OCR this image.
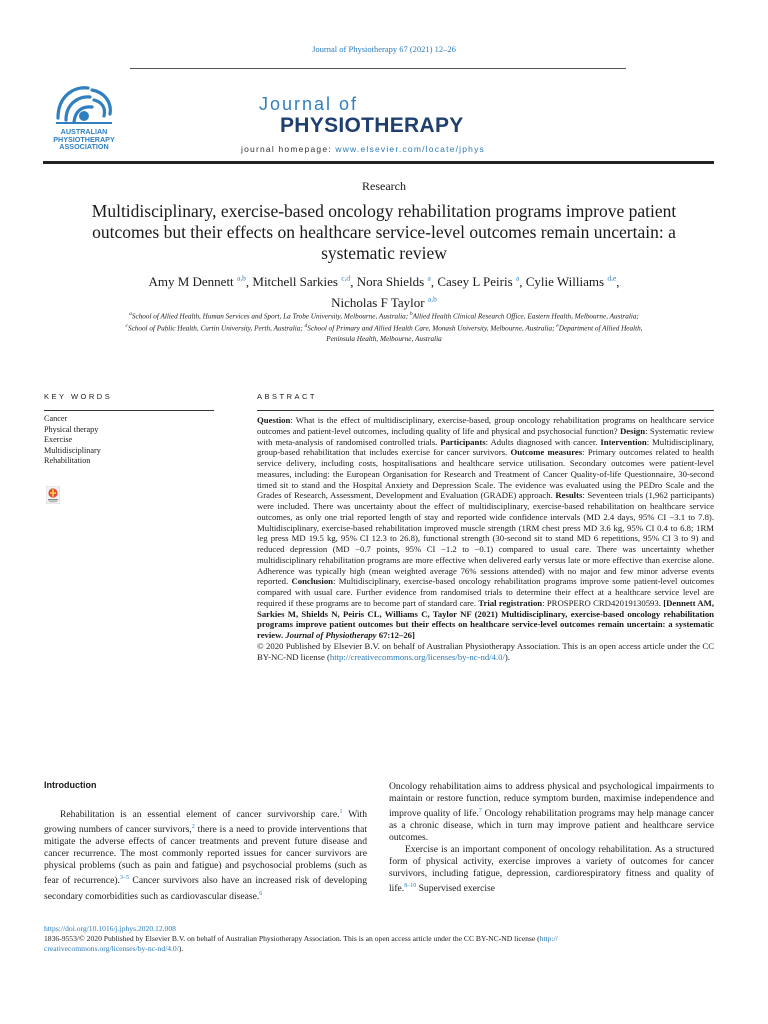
Journal of Physiotherapy 67 (2021) 12–26
AUSTRALIAN
PHYSIOTHERAPY
ASSOCIATION
Journal of
PHYSIOTHERAPY
journal homepage: www.elsevier.com/locate/jphys
Research
Multidisciplinary, exercise-based oncology rehabilitation programs improve patient outcomes but their effects on healthcare service-level outcomes remain uncertain: a systematic review
Amy M Dennett $^{a,b}$, Mitchell Sarkies $^{c,d}$, Nora Shields $^a$, Casey L Peiris $^a$, Cylie Williams $^{d,e}$,
Nicholas F Taylor $^{a,b}$
$^a$School of Allied Health, Human Services and Sport, La Trobe University, Melbourne, Australia; $^b$Allied Health Clinical Research Office, Eastern Health, Melbourne, Australia;
$^c$School of Public Health, Curtin University, Perth, Australia; $^d$School of Primary and Allied Health Care, Monash University, Melbourne, Australia; $^e$Department of Allied Health,
Peninsula Health, Melbourne, Australia
KEY WORDS
Cancer
Physical therapy
Exercise
Multidisciplinary
Rehabilitation
ABSTRACT
Question: What is the effect of multidisciplinary, exercise-based, group oncology rehabilitation programs on healthcare service outcomes and patient-level outcomes, including quality of life and physical and psychosocial function? Design: Systematic review with meta-analysis of randomised controlled trials. Participants: Adults diagnosed with cancer. Intervention: Multidisciplinary, group-based rehabilitation that includes exercise for cancer survivors. Outcome measures: Primary outcomes related to health service delivery, including costs, hospitalisations and healthcare service utilisation. Secondary outcomes were patient-level measures, including: the European Organisation for Research and Treatment of Cancer Quality-of-life Questionnaire, 30-second timed sit to stand and the Hospital Anxiety and Depression Scale. The evidence was evaluated using the PEDro Scale and the Grades of Research, Assessment, Development and Evaluation (GRADE) approach. Results: Seventeen trials (1,962 participants) were included. There was uncertainty about the effect of multidisciplinary, exercise-based rehabilitation on healthcare service outcomes, as only one trial reported length of stay and reported wide confidence intervals (MD 2.4 days, 95% CI −3.1 to 7.8). Multidisciplinary, exercise-based rehabilitation improved muscle strength (1RM chest press MD 3.6 kg, 95% CI 0.4 to 6.8; 1RM leg press MD 19.5 kg, 95% CI 12.3 to 26.8), functional strength (30-second sit to stand MD 6 repetitions, 95% CI 3 to 9) and reduced depression (MD −0.7 points, 95% CI −1.2 to −0.1) compared to usual care. There was uncertainty whether multidisciplinary rehabilitation programs are more effective when delivered early versus late or more effective than exercise alone. Adherence was typically high (mean weighted average 76% sessions attended) with no major and few minor adverse events reported. Conclusion: Multidisciplinary, exercise-based oncology rehabilitation programs improve some patient-level outcomes compared with usual care. Further evidence from randomised trials to determine their effect at a healthcare service level are required if these programs are to become part of standard care. Trial registration: PROSPERO CRD42019130593. [Dennett AM, Sarkies M, Shields N, Peiris CL, Williams C, Taylor NF (2021) Multidisciplinary, exercise-based oncology rehabilitation programs improve patient outcomes but their effects on healthcare service-level outcomes remain uncertain: a systematic review. Journal of Physiotherapy 67:12–26]
© 2020 Published by Elsevier B.V. on behalf of Australian Physiotherapy Association. This is an open access article under the CC BY-NC-ND license (http://creativecommons.org/licenses/by-nc-nd/4.0/).
Introduction

Rehabilitation is an essential element of cancer survivorship care.$^1$ With growing numbers of cancer survivors,$^2$ there is a need to provide interventions that mitigate the adverse effects of cancer treatments and prevent future disease and cancer recurrence. The most commonly reported issues for cancer survivors are physical problems (such as pain and fatigue) and psychosocial problems (such as fear of recurrence).$^{3-5}$ Cancer survivors also have an increased risk of developing secondary comorbidities such as cardiovascular disease.$^6$

Oncology rehabilitation aims to address physical and psychological impairments to maintain or restore function, reduce symptom burden, maximise independence and improve quality of life.$^7$ Oncology rehabilitation programs may help manage cancer as a chronic disease, which in turn may improve patient and healthcare service outcomes.

Exercise is an important component of oncology rehabilitation. As a structured form of physical activity, exercise improves a variety of outcomes for cancer survivors, including fatigue, depression, cardiorespiratory fitness and quality of life.$^{8-10}$ Supervised exercise

https://doi.org/10.1016/j.jphys.2020.12.008
1836-9553/© 2020 Published by Elsevier B.V. on behalf of Australian Physiotherapy Association. This is an open access article under the CC BY-NC-ND license (http://
creativecommons.org/licenses/by-nc-nd/4.0/).
